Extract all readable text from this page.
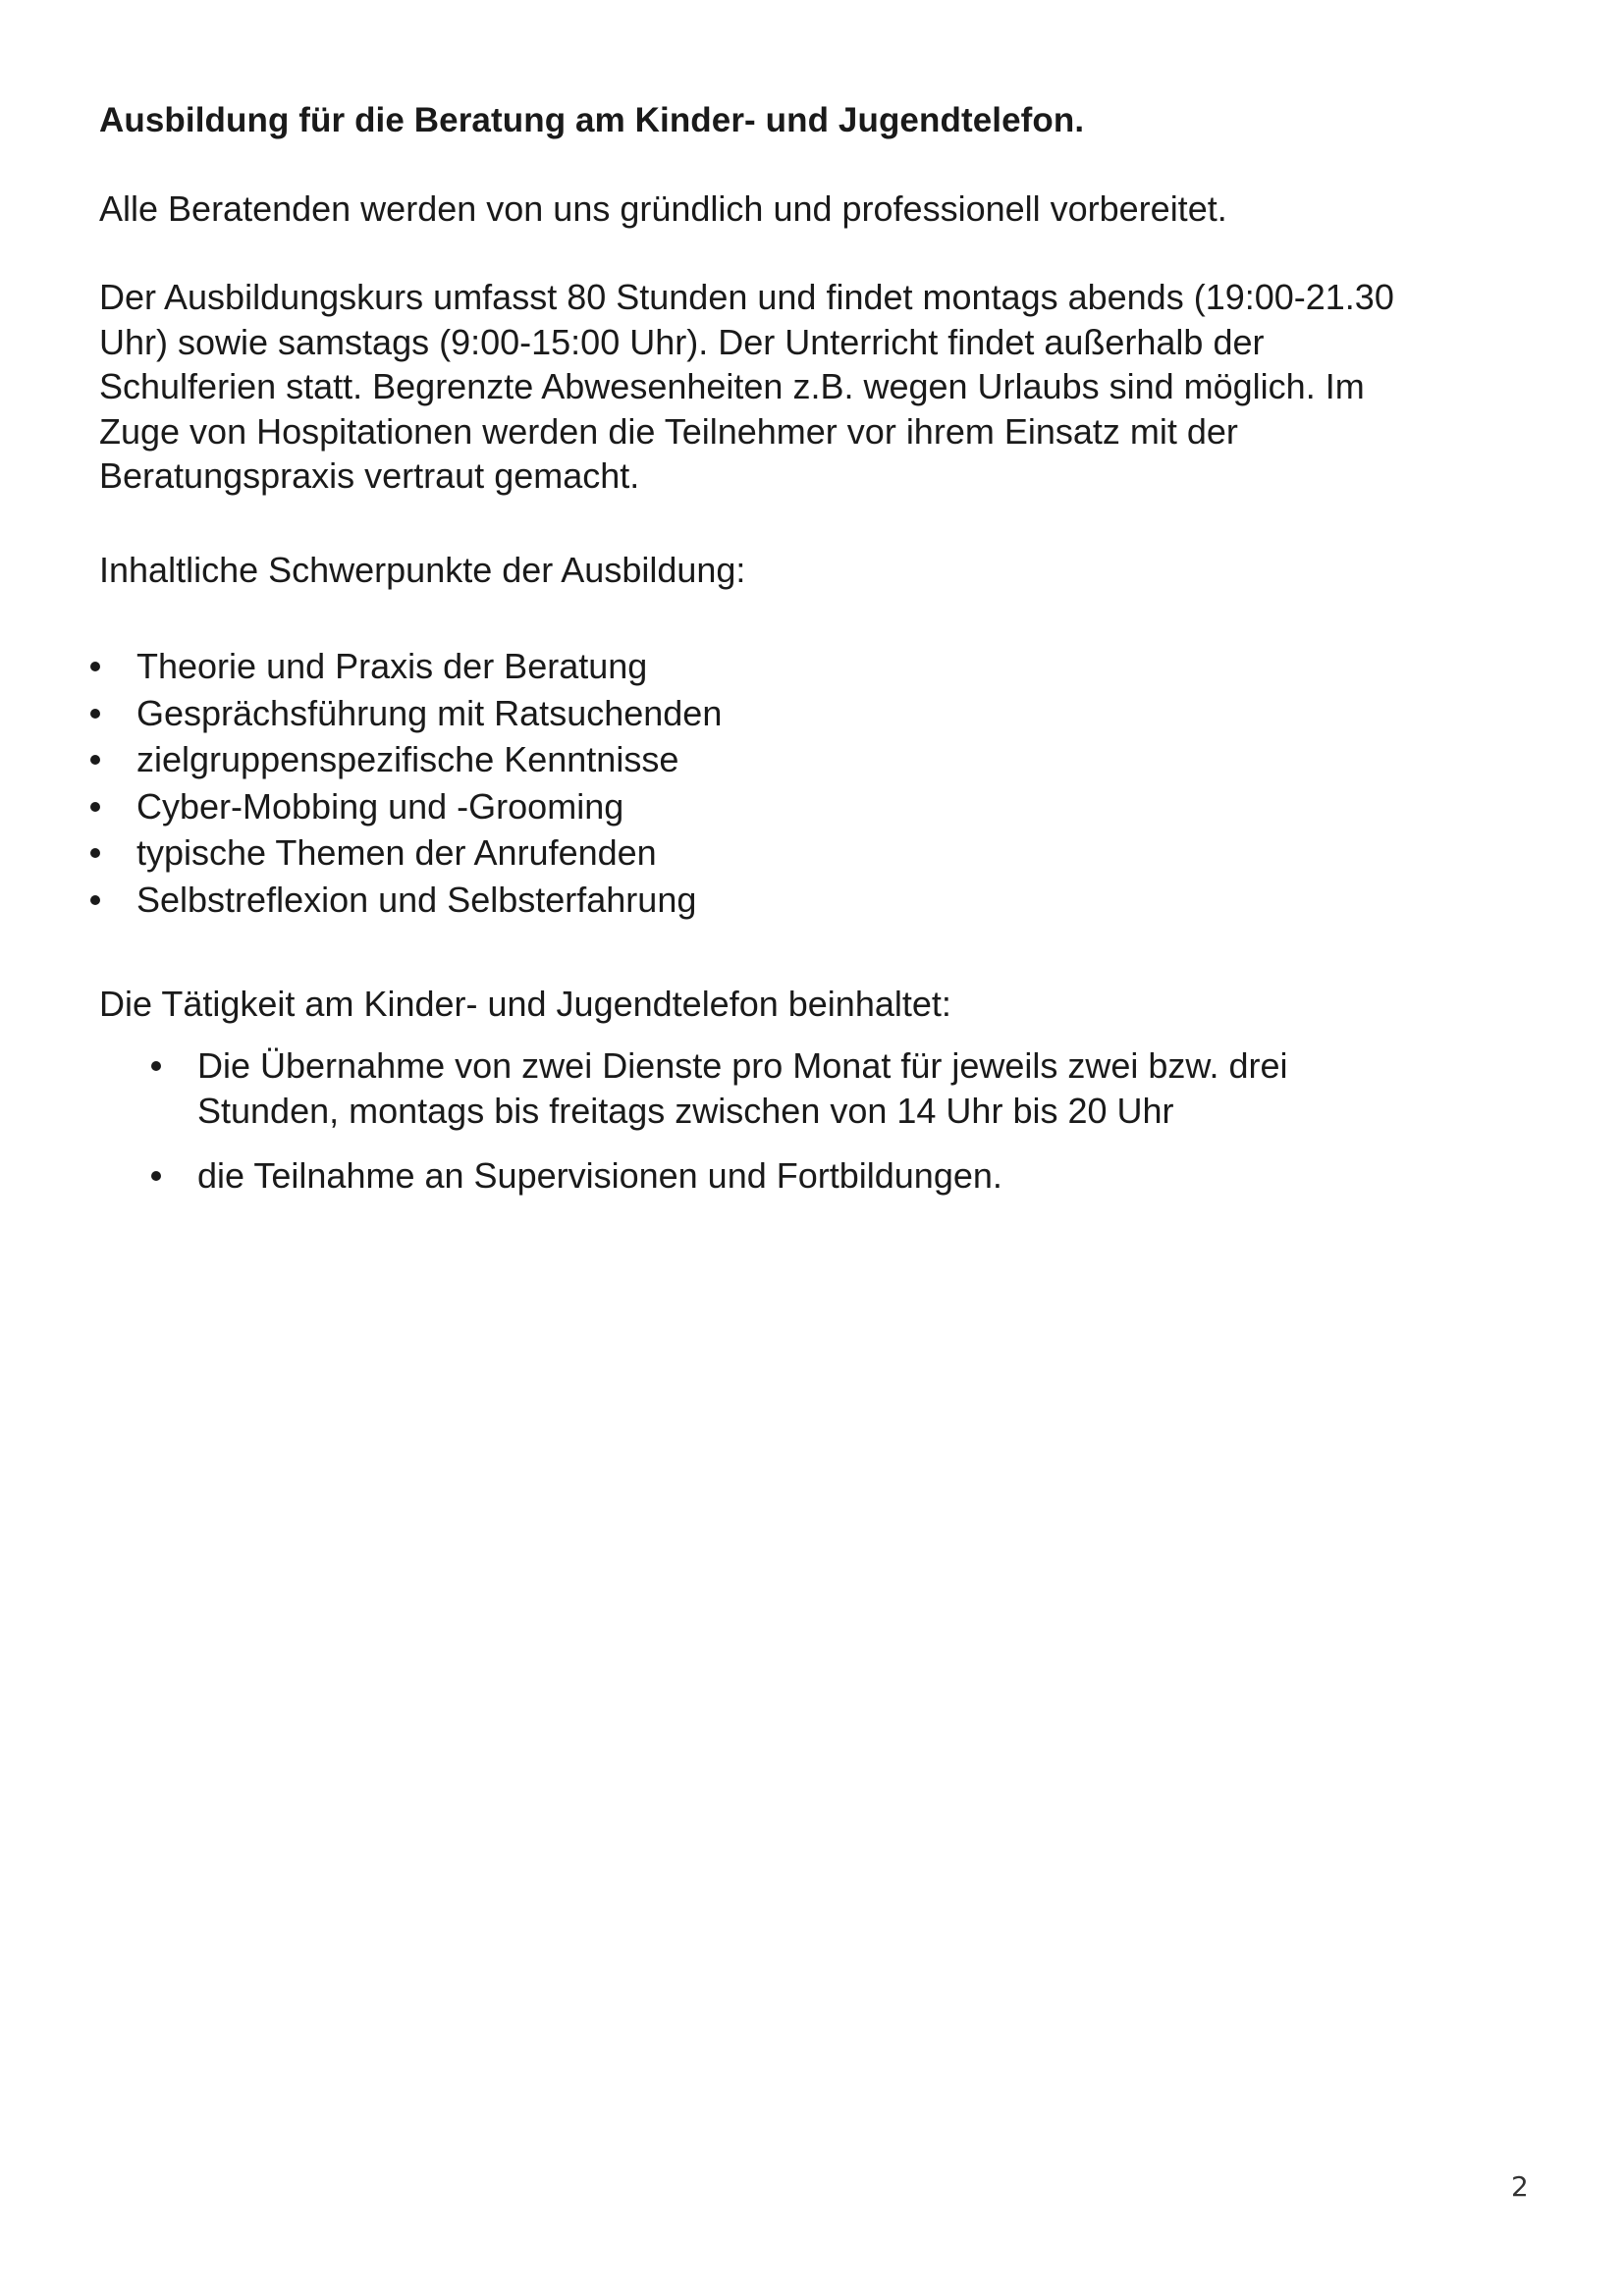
Ausbildung für die Beratung am Kinder- und Jugendtelefon.

Alle Beratenden werden von uns gründlich und professionell vorbereitet.

Der Ausbildungskurs umfasst 80 Stunden und findet montags abends (19:00-21.30
Uhr) sowie samstags (9:00-15:00 Uhr). Der Unterricht findet außerhalb der
Schulferien statt. Begrenzte Abwesenheiten z.B. wegen Urlaubs sind möglich. Im
Zuge von Hospitationen werden die Teilnehmer vor ihrem Einsatz mit der
Beratungspraxis vertraut gemacht.

Inhaltliche Schwerpunkte der Ausbildung:

Theorie und Praxis der Beratung
Gesprächsführung mit Ratsuchenden
zielgruppenspezifische Kenntnisse
Cyber-Mobbing und -Grooming
typische Themen der Anrufenden
Selbstreflexion und Selbsterfahrung

Die Tätigkeit am Kinder- und Jugendtelefon beinhaltet:

Die Übernahme von zwei Dienste pro Monat für jeweils zwei bzw. drei
Stunden, montags bis freitags zwischen von 14 Uhr bis 20 Uhr
die Teilnahme an Supervisionen und Fortbildungen.
2
